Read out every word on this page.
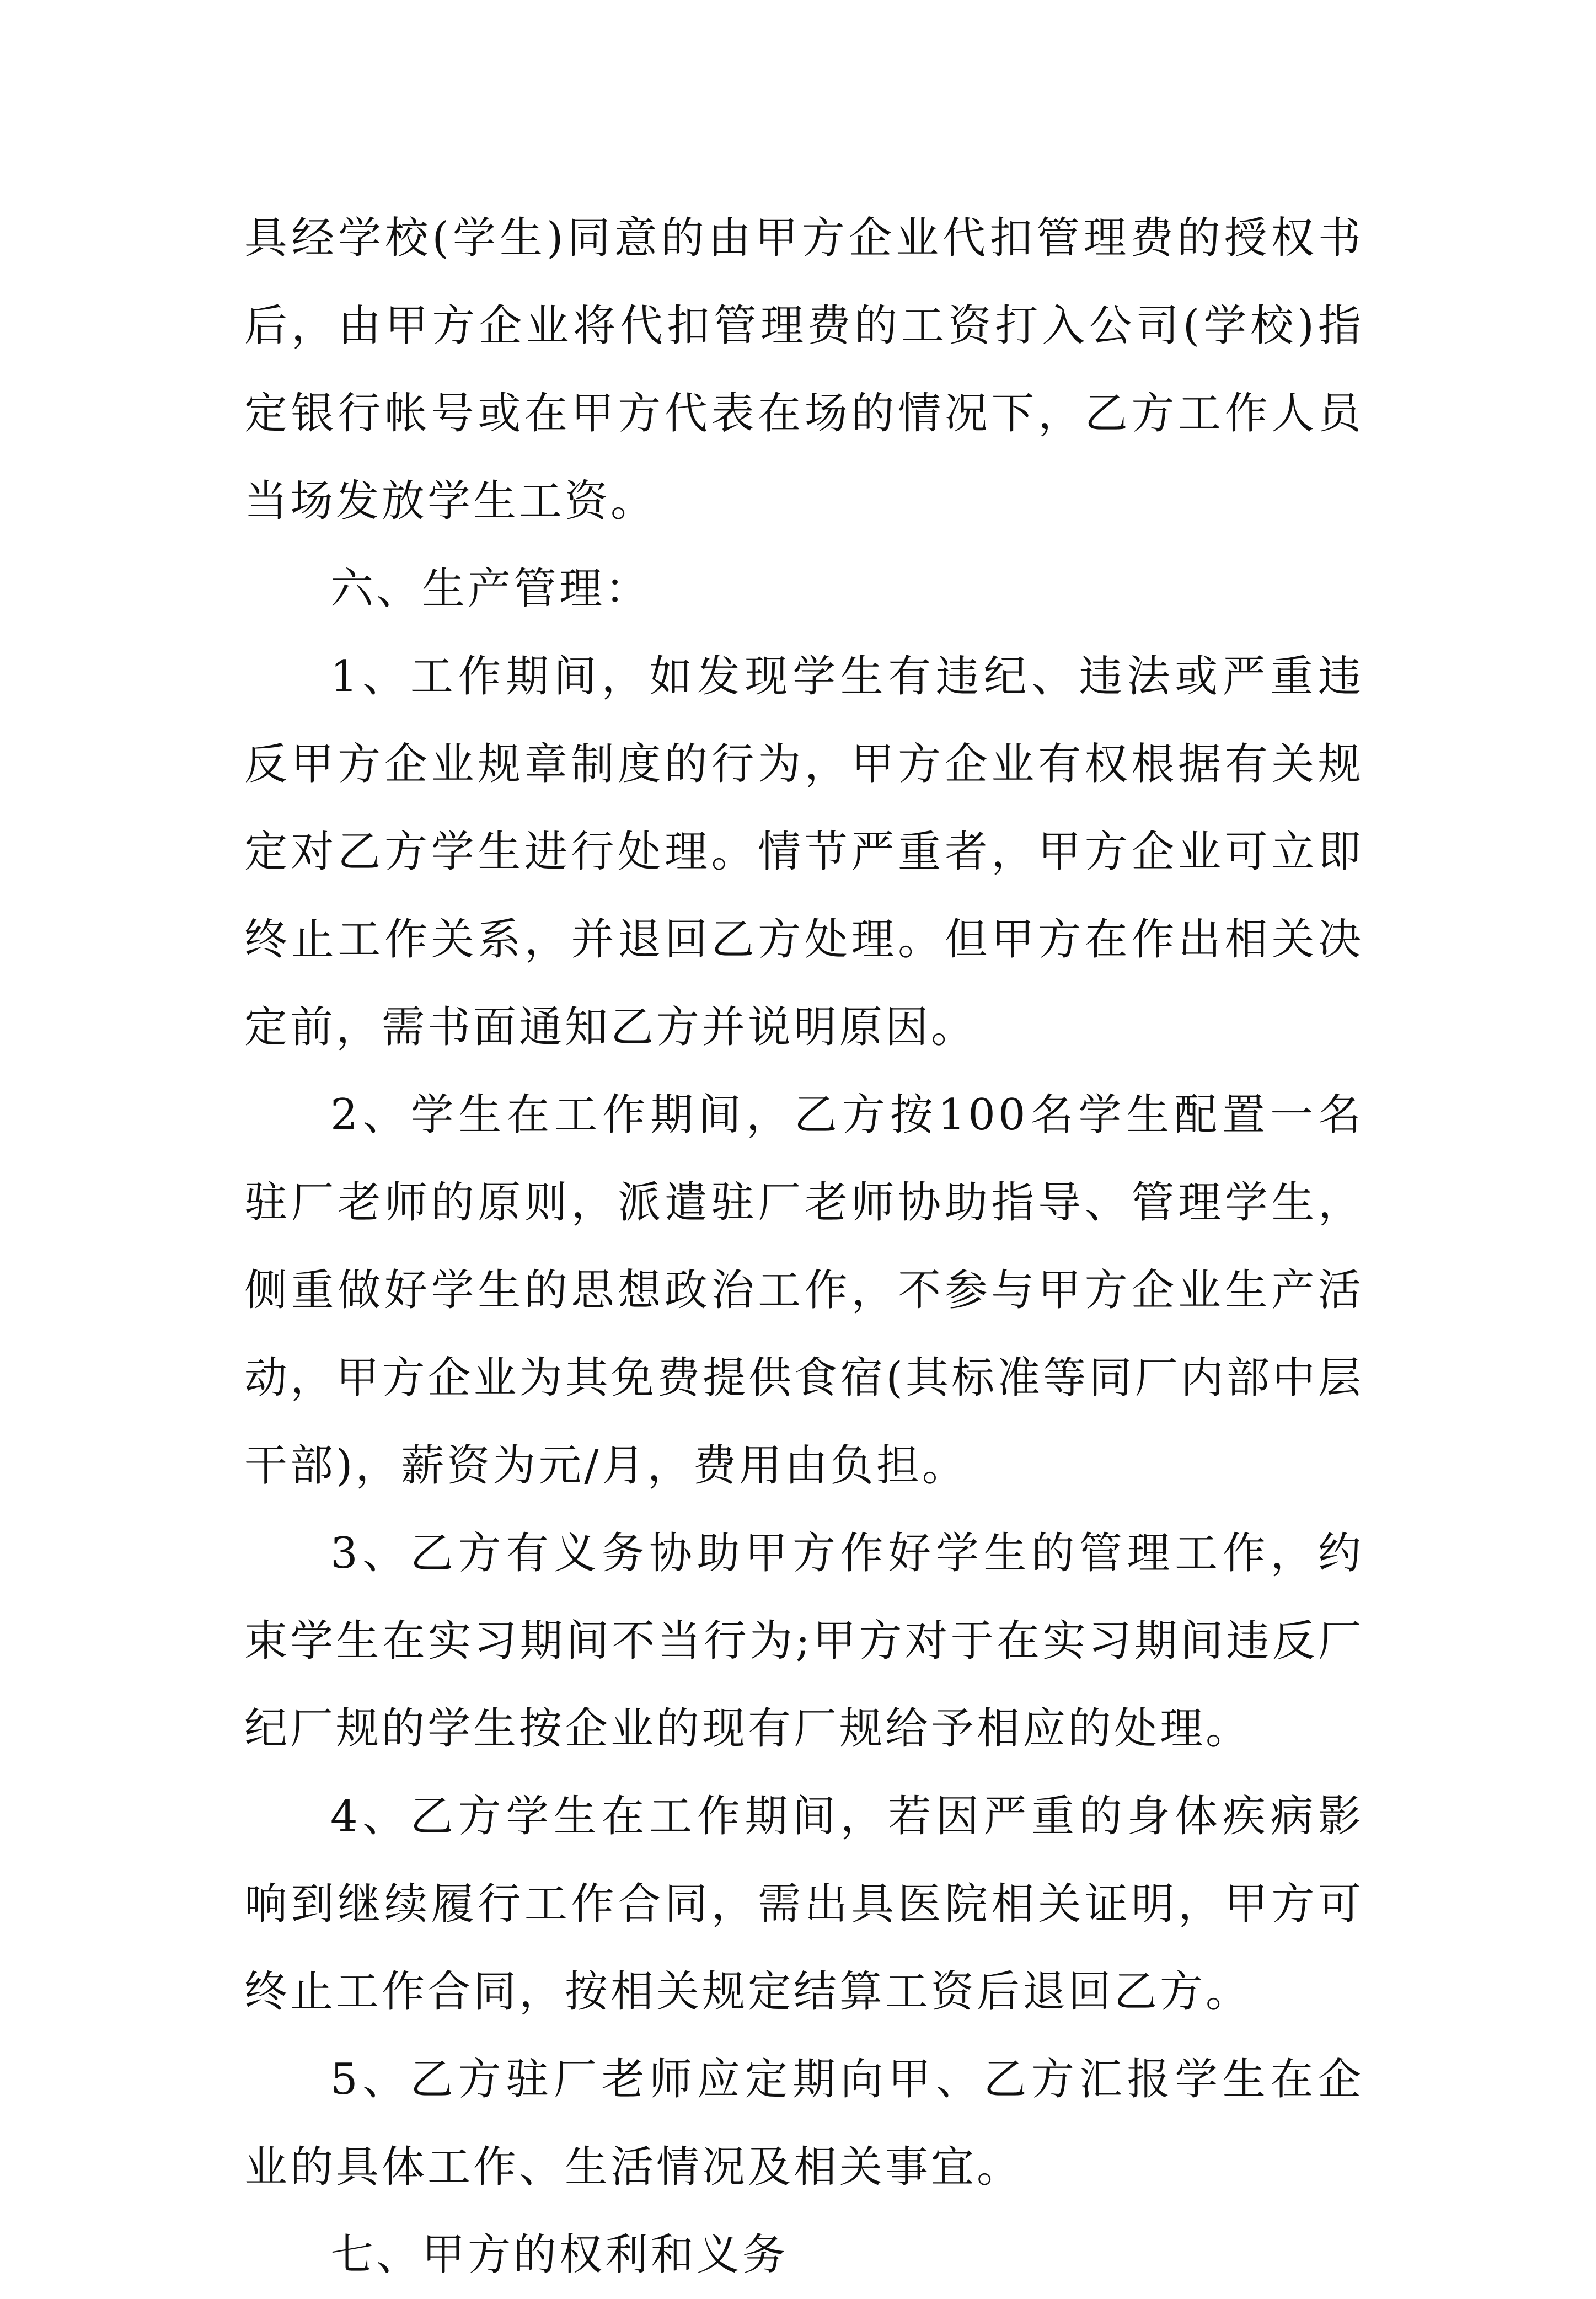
具经学校(学生)同意的由甲方企业代扣管理费的授权书后，由甲方企业将代扣管理费的工资打入公司(学校)指定银行帐号或在甲方代表在场的情况下，乙方工作人员当场发放学生工资。

六、生产管理：

1、工作期间，如发现学生有违纪、违法或严重违反甲方企业规章制度的行为，甲方企业有权根据有关规定对乙方学生进行处理。情节严重者，甲方企业可立即终止工作关系，并退回乙方处理。但甲方在作出相关决定前，需书面通知乙方并说明原因。

2、学生在工作期间，乙方按100名学生配置一名驻厂老师的原则，派遣驻厂老师协助指导、管理学生，侧重做好学生的思想政治工作，不参与甲方企业生产活动，甲方企业为其免费提供食宿(其标准等同厂内部中层干部)，薪资为元/月，费用由负担。

3、乙方有义务协助甲方作好学生的管理工作，约束学生在实习期间不当行为;甲方对于在实习期间违反厂纪厂规的学生按企业的现有厂规给予相应的处理。

4、乙方学生在工作期间，若因严重的身体疾病影响到继续履行工作合同，需出具医院相关证明，甲方可终止工作合同，按相关规定结算工资后退回乙方。

5、乙方驻厂老师应定期向甲、乙方汇报学生在企业的具体工作、生活情况及相关事宜。

七、甲方的权利和义务
